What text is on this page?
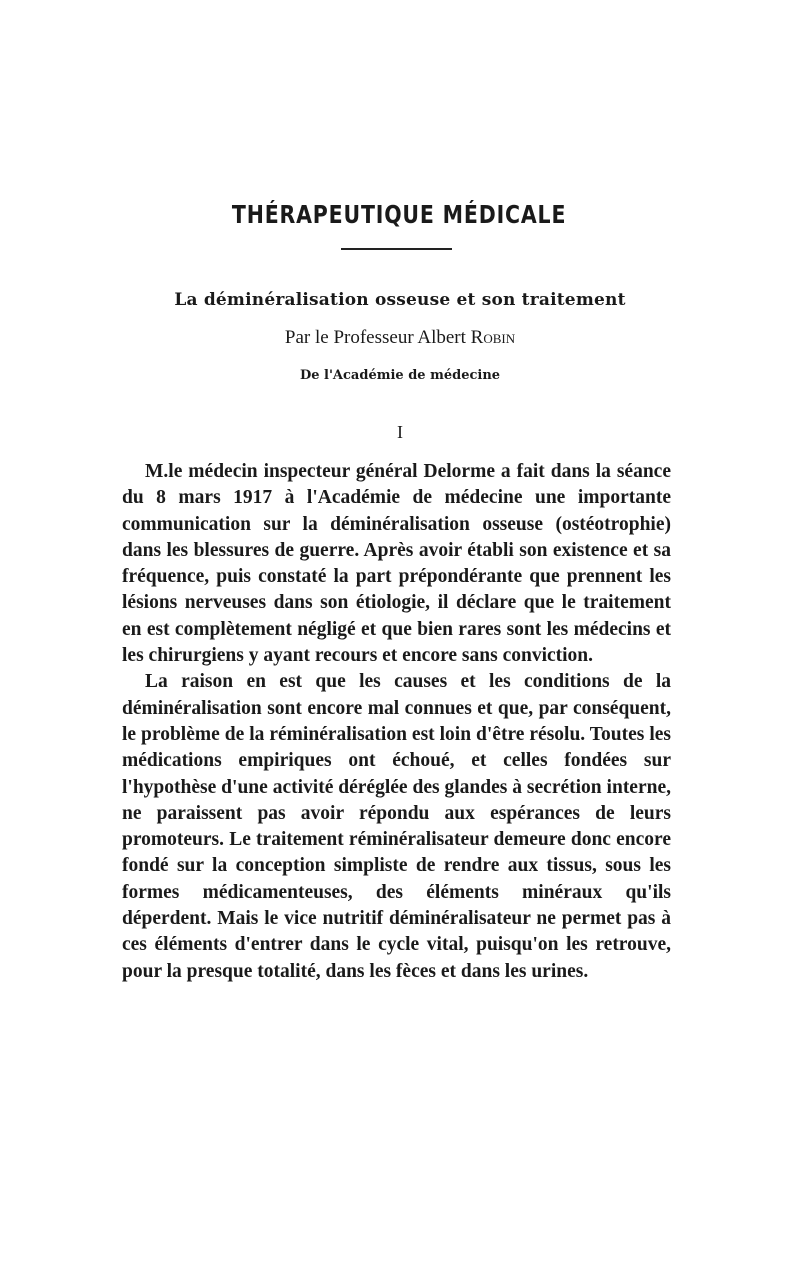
THÉRAPEUTIQUE MÉDICALE
La déminéralisation osseuse et son traitement
Par le Professeur Albert Robin
De l'Académie de médecine
I

M.le médecin inspecteur général Delorme a fait dans la séance du 8 mars 1917 à l'Académie de médecine une importante communication sur la déminéralisation osseuse (ostéotrophie) dans les blessures de guerre. Après avoir établi son existence et sa fréquence, puis constaté la part prépondérante que prennent les lésions nerveuses dans son étiologie, il déclare que le traitement en est complètement négligé et que bien rares sont les médecins et les chirurgiens y ayant recours et encore sans conviction.

La raison en est que les causes et les conditions de la déminéralisation sont encore mal connues et que, par conséquent, le problème de la réminéralisation est loin d'être résolu. Toutes les médications empiriques ont échoué, et celles fondées sur l'hypothèse d'une activité déréglée des glandes à secrétion interne, ne paraissent pas avoir répondu aux espérances de leurs promoteurs. Le traitement réminéralisateur demeure donc encore fondé sur la conception simpliste de rendre aux tissus, sous les formes médicamenteuses, des éléments minéraux qu'ils déperdent. Mais le vice nutritif déminéralisateur ne permet pas à ces éléments d'entrer dans le cycle vital, puisqu'on les retrouve, pour la presque totalité, dans les fèces et dans les urines.
